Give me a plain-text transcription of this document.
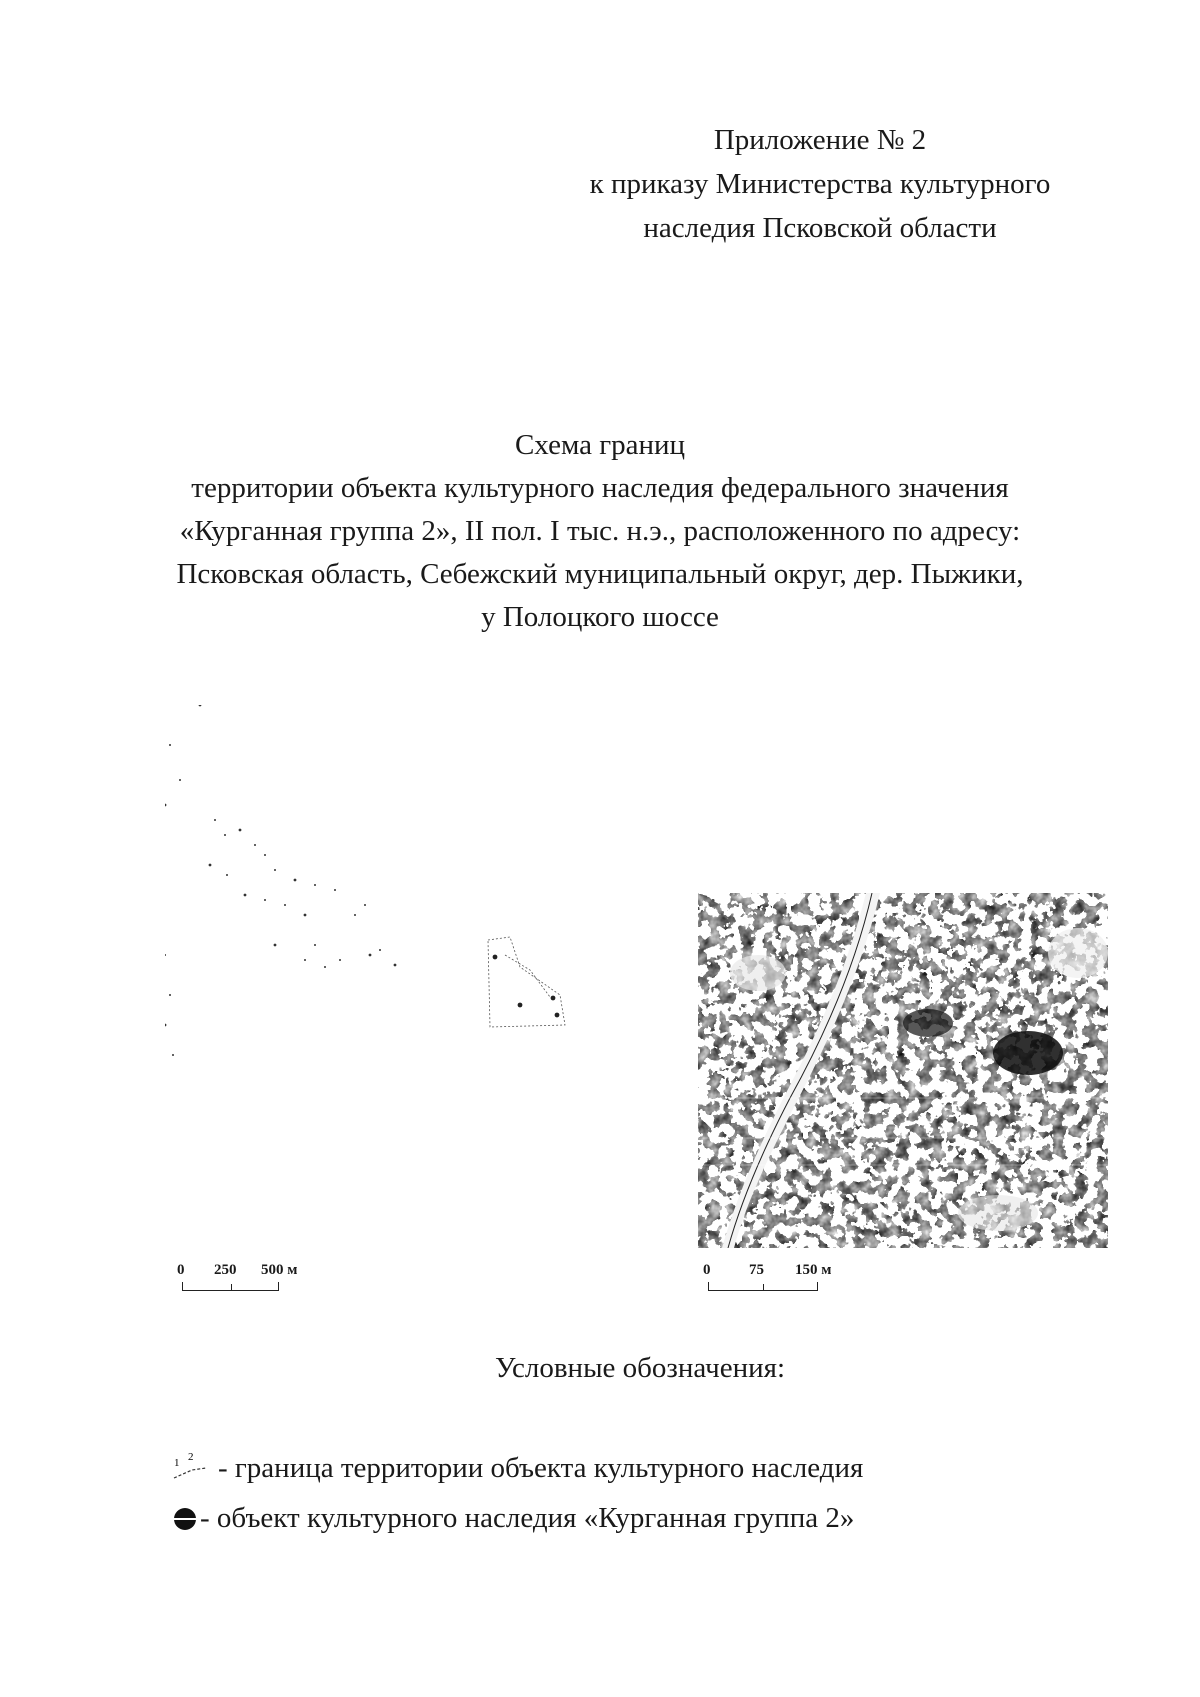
Приложение № 2
к приказу Министерства культурного
наследия Псковской области
Схема границ
территории объекта культурного наследия федерального значения
«Курганная группа 2», II пол. I тыс. н.э., расположенного по адресу:
Псковская область, Себежский муниципальный округ, дер. Пыжики,
у Полоцкого шоссе
0 250 500 м	0	75 150 м
Условные обозначения:
1 2 - граница территории объекта культурного наследия
- объект культурного наследия «Курганная группа 2»
